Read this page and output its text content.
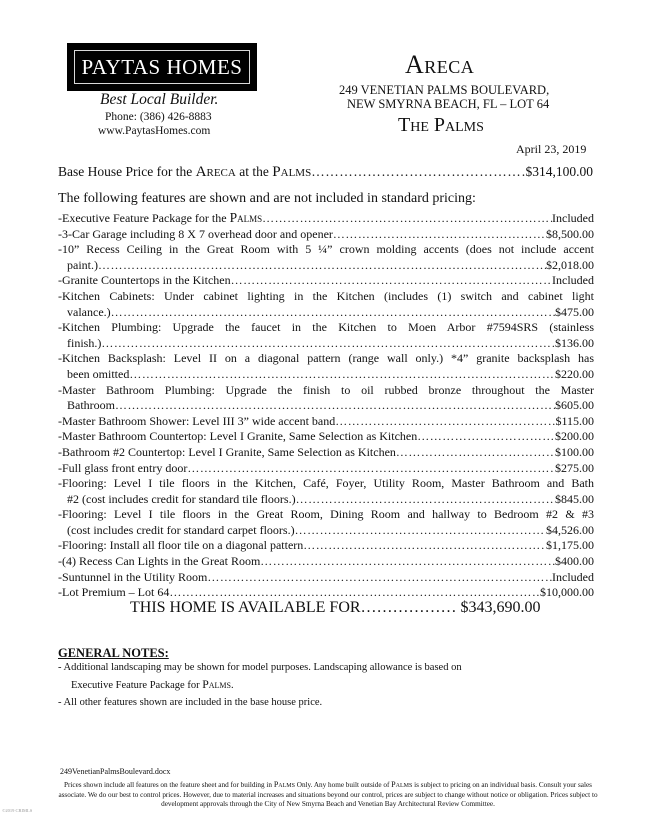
PAYTAS HOMES
Best Local Builder.
Phone: (386) 426-8883
www.PaytasHomes.com
Areca
249 VENETIAN PALMS BOULEVARD,
NEW SMYRNA BEACH, FL – LOT 64
The Palms
April 23, 2019
Base House Price for the Areca at the Palms ………………………………………………………………………………………………………………………………………………………………	$314,100.00
The following features are shown and are not included in standard pricing:
-Executive Feature Package for the Palms ………………………………………………………………………………………………………………………………………………………………	Included
-3-Car Garage including 8 X 7 overhead door and opener ………………………………………………………………………………………………………………………………………………………………	$8,500.00
-10” Recess Ceiling in the Great Room with 5 ¼” crown molding accents (does not include accent
paint.) ………………………………………………………………………………………………………………………………………………………………	$2,018.00
-Granite Countertops in the Kitchen ………………………………………………………………………………………………………………………………………………………………	Included
-Kitchen Cabinets: Under cabinet lighting in the Kitchen (includes (1) switch and cabinet light
valance.) ………………………………………………………………………………………………………………………………………………………………	$475.00
-Kitchen Plumbing: Upgrade the faucet in the Kitchen to Moen Arbor #7594SRS (stainless
finish.) ………………………………………………………………………………………………………………………………………………………………	$136.00
-Kitchen Backsplash: Level II on a diagonal pattern (range wall only.) *4” granite backsplash has
been omitted ………………………………………………………………………………………………………………………………………………………………	$220.00
-Master Bathroom Plumbing: Upgrade the finish to oil rubbed bronze throughout the Master
Bathroom ………………………………………………………………………………………………………………………………………………………………	$605.00
-Master Bathroom Shower: Level III 3” wide accent band ………………………………………………………………………………………………………………………………………………………………	$115.00
-Master Bathroom Countertop: Level I Granite, Same Selection as Kitchen ………………………………………………………………………………………………………………………………………………………………	$200.00
-Bathroom #2 Countertop: Level I Granite, Same Selection as Kitchen ………………………………………………………………………………………………………………………………………………………………	$100.00
-Full glass front entry door ………………………………………………………………………………………………………………………………………………………………	$275.00
-Flooring: Level I tile floors in the Kitchen, Café, Foyer, Utility Room, Master Bathroom and Bath
#2 (cost includes credit for standard tile floors.) ………………………………………………………………………………………………………………………………………………………………	$845.00
-Flooring: Level I tile floors in the Great Room, Dining Room and hallway to Bedroom #2 & #3
(cost includes credit for standard carpet floors.) ………………………………………………………………………………………………………………………………………………………………	$4,526.00
-Flooring: Install all floor tile on a diagonal pattern ………………………………………………………………………………………………………………………………………………………………	$1,175.00
-(4) Recess Can Lights in the Great Room ………………………………………………………………………………………………………………………………………………………………	$400.00
-Suntunnel in the Utility Room ………………………………………………………………………………………………………………………………………………………………	Included
-Lot Premium – Lot 64 ………………………………………………………………………………………………………………………………………………………………	$10,000.00
THIS HOME IS AVAILABLE FOR……………… $343,690.00
GENERAL NOTES:
- Additional landscaping may be shown for model purposes. Landscaping allowance is based on
Executive Feature Package for Palms.
- All other features shown are included in the base house price.
249VenetianPalmsBoulevard.docx
Prices shown include all features on the feature sheet and for building in Palms Only. Any home built outside of Palms is subject to pricing on an individual basis. Consult your sales associate. We do our best to control prices. However, due to material increases and situations beyond our control, prices are subject to change without notice or obligation. Prices subject to development approvals through the City of New Smyrna Beach and Venetian Bay Architectural Review Committee.
©2019 CRIMLS
